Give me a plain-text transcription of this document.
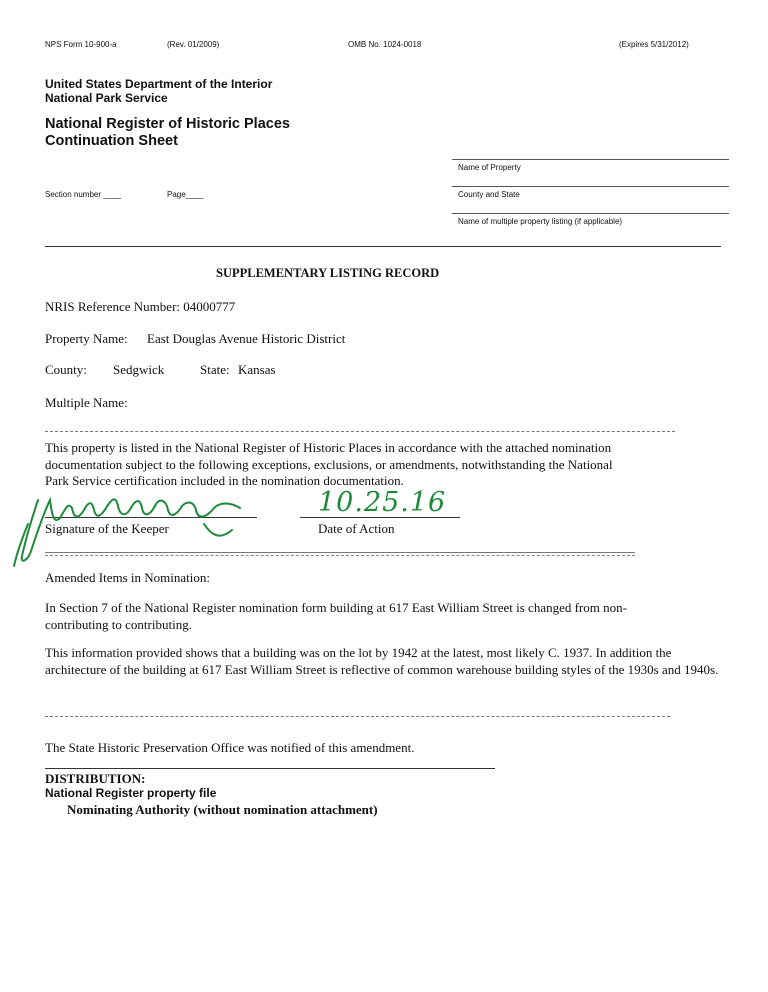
NPS Form 10-900-a	(Rev. 01/2009)	OMB No. 1024-0018	(Expires 5/31/2012)
United States Department of the Interior
National Park Service
National Register of Historic Places
Continuation Sheet
Name of Property
County and State
Name of multiple property listing (if applicable)
Section number ____	Page____
SUPPLEMENTARY LISTING RECORD
NRIS Reference Number: 04000777
Property Name: East Douglas Avenue Historic District
County: Sedgwick	State: Kansas
Multiple Name:
This property is listed in the National Register of Historic Places in accordance with the attached nomination
documentation subject to the following exceptions, exclusions, or amendments, notwithstanding the National
Park Service certification included in the nomination documentation.
Signature of the Keeper	Date of Action
10.25.16
Amended Items in Nomination:
In Section 7 of the National Register nomination form building at 617 East William Street is changed from non-contributing to contributing.
This information provided shows that a building was on the lot by 1942 at the latest, most likely C. 1937. In addition the architecture of the building at 617 East William Street is reflective of common warehouse building styles of the 1930s and 1940s.
The State Historic Preservation Office was notified of this amendment.
DISTRIBUTION:
National Register property file
Nominating Authority (without nomination attachment)
